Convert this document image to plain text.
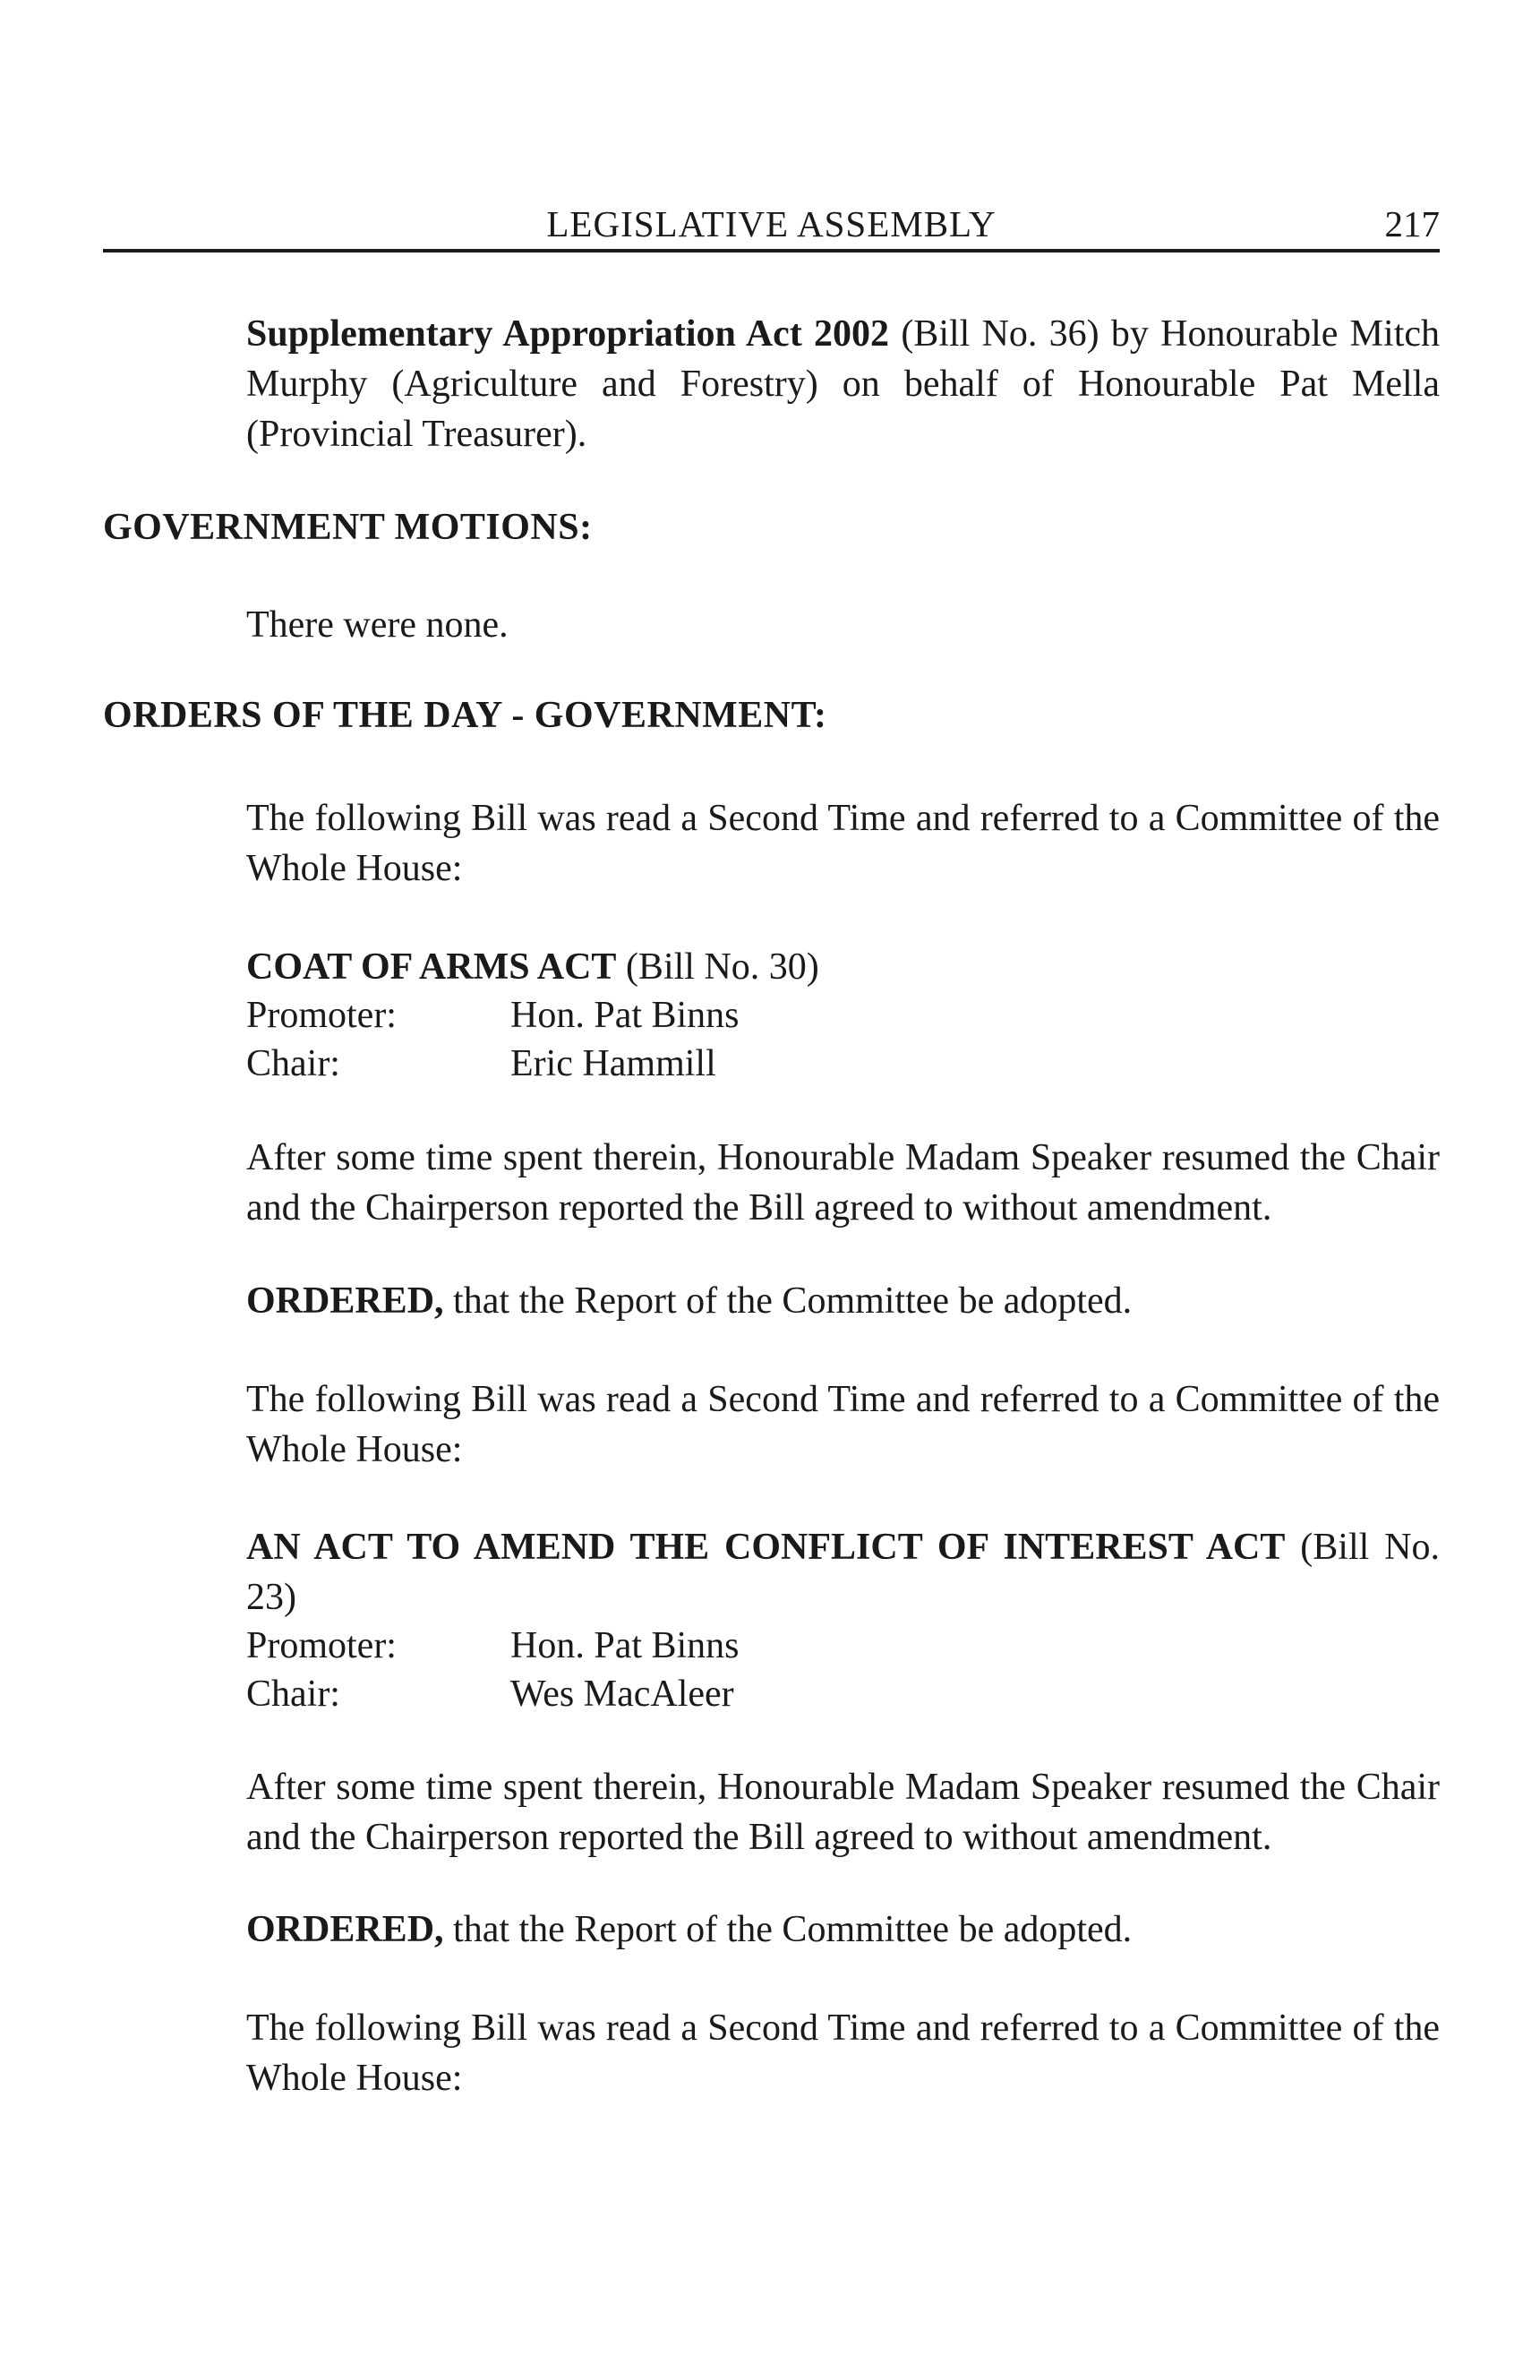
LEGISLATIVE ASSEMBLY	217
Supplementary Appropriation Act 2002 (Bill No. 36) by Honourable Mitch Murphy (Agriculture and Forestry) on behalf of Honourable Pat Mella (Provincial Treasurer).
GOVERNMENT MOTIONS:
There were none.
ORDERS OF THE DAY - GOVERNMENT:
The following Bill was read a Second Time and referred to a Committee of the Whole House:
COAT OF ARMS ACT (Bill No. 30)
Promoter:	Hon. Pat Binns
Chair:	Eric Hammill
After some time spent therein, Honourable Madam Speaker resumed the Chair and the Chairperson reported the Bill agreed to without amendment.
ORDERED, that the Report of the Committee be adopted.
The following Bill was read a Second Time and referred to a Committee of the Whole House:
AN ACT TO AMEND THE CONFLICT OF INTEREST ACT (Bill No. 23)
Promoter:	Hon. Pat Binns
Chair:	Wes MacAleer
After some time spent therein, Honourable Madam Speaker resumed the Chair and the Chairperson reported the Bill agreed to without amendment.
ORDERED, that the Report of the Committee be adopted.
The following Bill was read a Second Time and referred to a Committee of the Whole House:
